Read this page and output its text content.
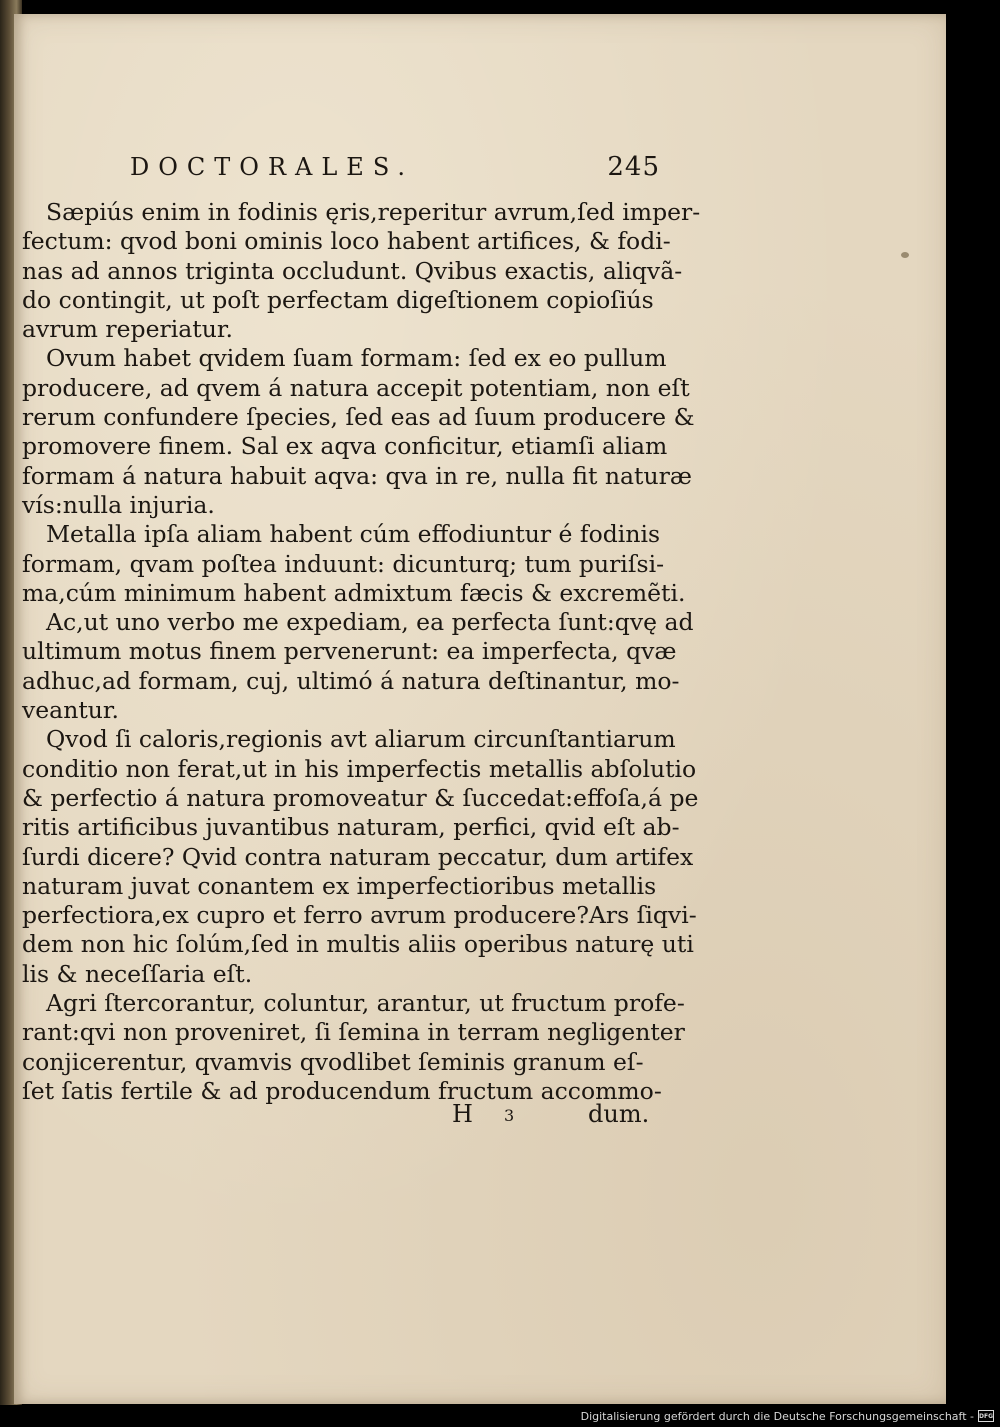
DOCTORALES.	245
Sæpiús enim in fodinis ęris,reperitur avrum,ſed imper-
fectum: qvod boni ominis loco habent artifices, & fodi-
nas ad annos triginta occludunt. Qvibus exactis, aliqvã-
do contingit, ut poſt perfectam digeſtionem copioſiús
avrum reperiatur.
Ovum habet qvidem ſuam formam: ſed ex eo pullum
producere, ad qvem á natura accepit potentiam, non eſt
rerum confundere ſpecies, ſed eas ad ſuum producere &
promovere finem. Sal ex aqva conficitur, etiamſi aliam
formam á natura habuit aqva: qva in re, nulla fit naturæ
vís:nulla injuria.
Metalla ipſa aliam habent cúm effodiuntur é fodinis
formam, qvam poſtea induunt: dicunturq; tum puriſsi-
ma,cúm minimum habent admixtum fæcis & excremẽti.
Ac,ut uno verbo me expediam, ea perfecta ſunt:qvę ad
ultimum motus finem pervenerunt: ea imperfecta, qvæ
adhuc,ad formam, cuj, ultimó á natura deſtinantur, mo-
veantur.
Qvod ſi caloris,regionis avt aliarum circunſtantiarum
conditio non ferat,ut in his imperfectis metallis abſolutio
& perfectio á natura promoveatur & ſuccedat:effoſa,á pe
ritis artificibus juvantibus naturam, perfici, qvid eſt ab-
ſurdi dicere? Qvid contra naturam peccatur, dum artifex
naturam juvat conantem ex imperfectioribus metallis
perfectiora,ex cupro et ferro avrum producere?Ars ſiqvi-
dem non hic ſolúm,ſed in multis aliis operibus naturę uti
lis & neceſſaria eſt.
Agri ſtercorantur, coluntur, arantur, ut fructum profe-
rant:qvi non proveniret, ſi ſemina in terram negligenter
conjicerentur, qvamvis qvodlibet ſeminis granum eſ-
ſet ſatis fertile & ad producendum fructum accommo-
H 3	dum.
Digitalisierung gefördert durch die Deutsche Forschungsgemeinschaft - DFG
